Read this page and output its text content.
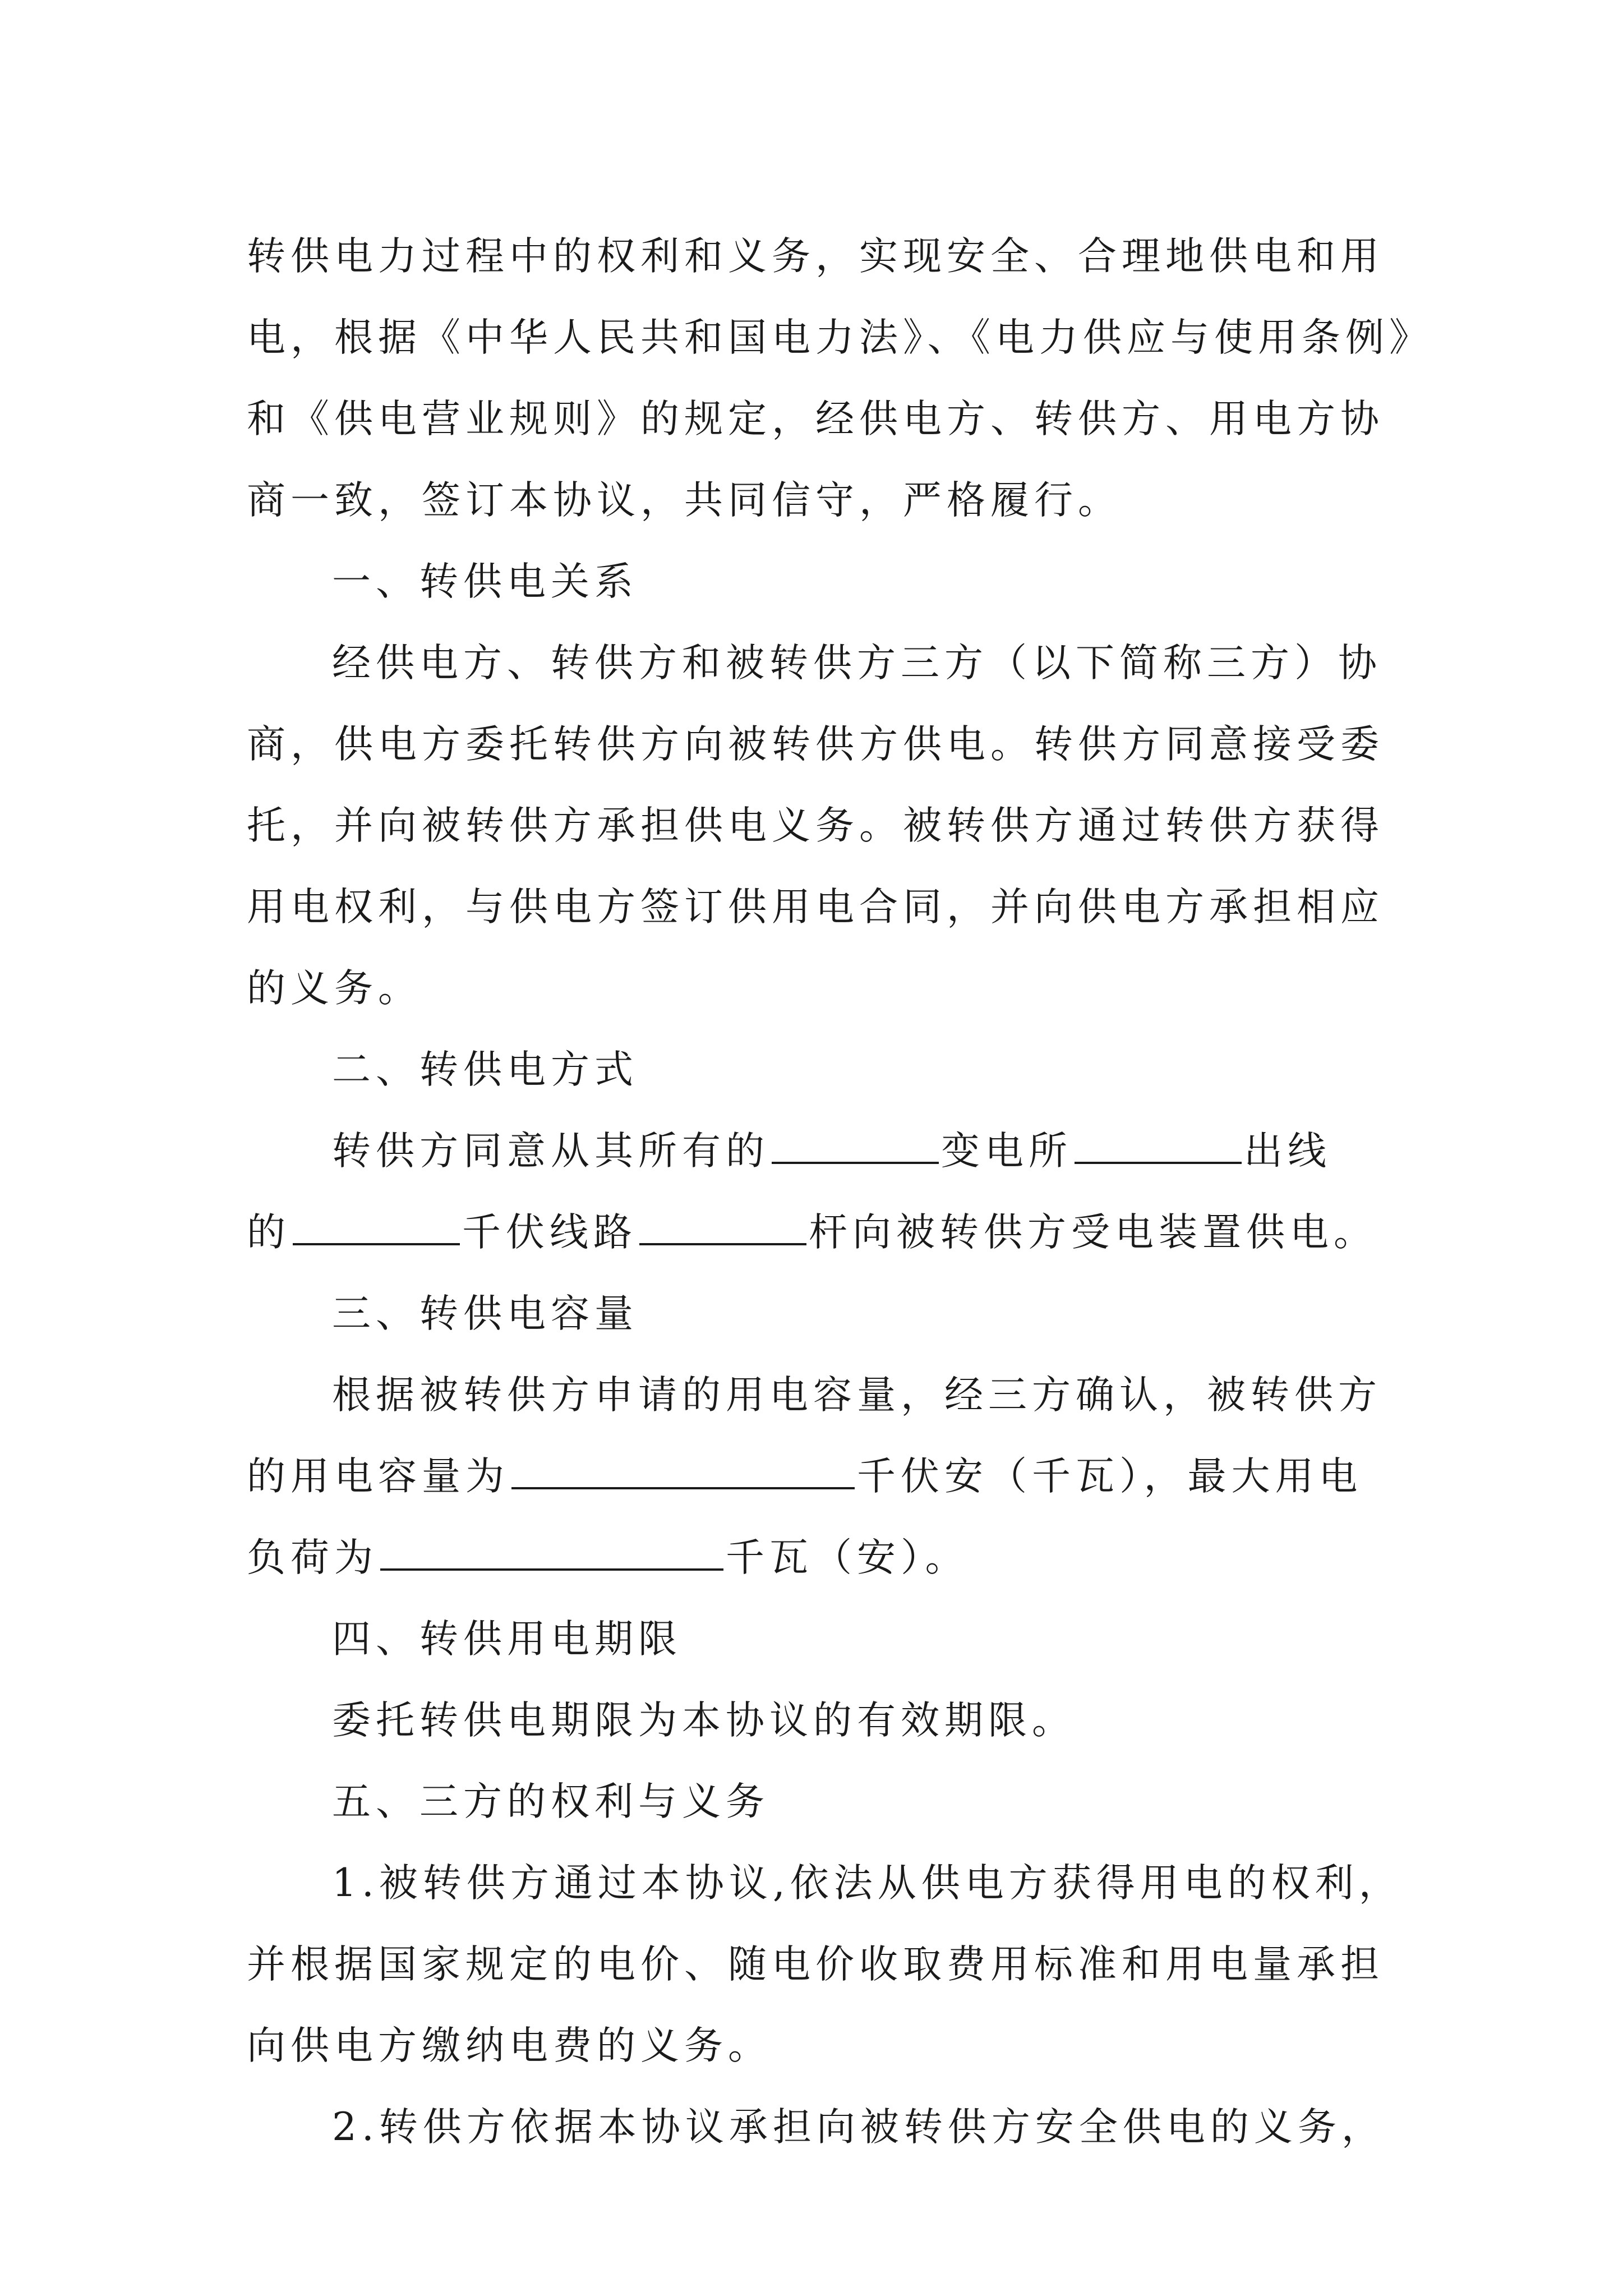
转供电力过程中的权利和义务，实现安全、合理地供电和用
电，根据《中华人民共和国电力法》、《电力供应与使用条例》
和《供电营业规则》的规定，经供电方、转供方、用电方协
商一致，签订本协议，共同信守，严格履行。
一、转供电关系
经供电方、转供方和被转供方三方（以下简称三方）协
商，供电方委托转供方向被转供方供电。转供方同意接受委
托，并向被转供方承担供电义务。被转供方通过转供方获得
用电权利，与供电方签订供用电合同，并向供电方承担相应
的义务。
二、转供电方式
转供方同意从其所有的	变电所	出线
的	千伏线路	杆向被转供方受电装置供电。
三、转供电容量
根据被转供方申请的用电容量，经三方确认，被转供方
的用电容量为	千伏安（千瓦），最大用电
负荷为	千瓦（安）。
四、转供用电期限
委托转供电期限为本协议的有效期限。
五、三方的权利与义务
1.被转供方通过本协议,依法从供电方获得用电的权利，
并根据国家规定的电价、随电价收取费用标准和用电量承担
向供电方缴纳电费的义务。
2.转供方依据本协议承担向被转供方安全供电的义务，
